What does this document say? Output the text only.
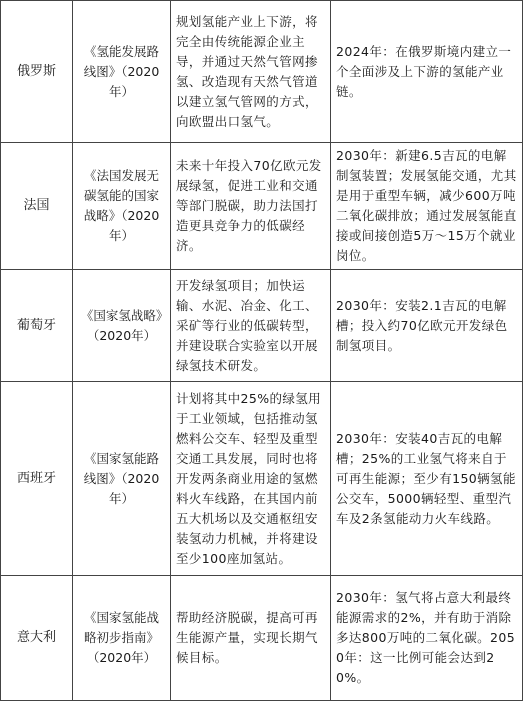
俄罗斯	《氢能发展路线图》（2020年）	规划氢能产业上下游，将完全由传统能源企业主导，并通过天然气管网掺氢、改造现有天然气管道以建立氢气管网的方式，向欧盟出口氢气。	2024年：在俄罗斯境内建立一个全面涉及上下游的氢能产业链。
法国	《法国发展无碳氢能的国家战略》（2020年）	未来十年投入70亿欧元发展绿氢，促进工业和交通等部门脱碳，助力法国打造更具竞争力的低碳经济。	2030年：新建6.5吉瓦的电解制氢装置；发展氢能交通，尤其是用于重型车辆，减少600万吨二氧化碳排放；通过发展氢能直接或间接创造5万〜15万个就业岗位。
葡萄牙	《国家氢战略》（2020年）	开发绿氢项目；加快运输、水泥、冶金、化工、采矿等行业的低碳转型，并建设联合实验室以开展绿氢技术研发。	2030年：安装2.1吉瓦的电解槽；投入约70亿欧元开发绿色制氢项目。
西班牙	《国家氢能路线图》（2020年）	计划将其中25%的绿氢用于工业领域，包括推动氢燃料公交车、轻型及重型交通工具发展，同时也将开发两条商业用途的氢燃料火车线路，在其国内前五大机场以及交通枢纽安装氢动力机械，并将建设至少100座加氢站。	2030年：安装40吉瓦的电解槽；25%的工业氢气将来自于可再生能源；至少有150辆氢能公交车，5000辆轻型、重型汽车及2条氢能动力火车线路。
意大利	《国家氢能战略初步指南》（2020年）	帮助经济脱碳，提高可再生能源产量，实现长期气候目标。	2030年：氢气将占意大利最终能源需求的2%，并有助于消除多达800万吨的二氧化碳。2050年：这一比例可能会达到20%。
